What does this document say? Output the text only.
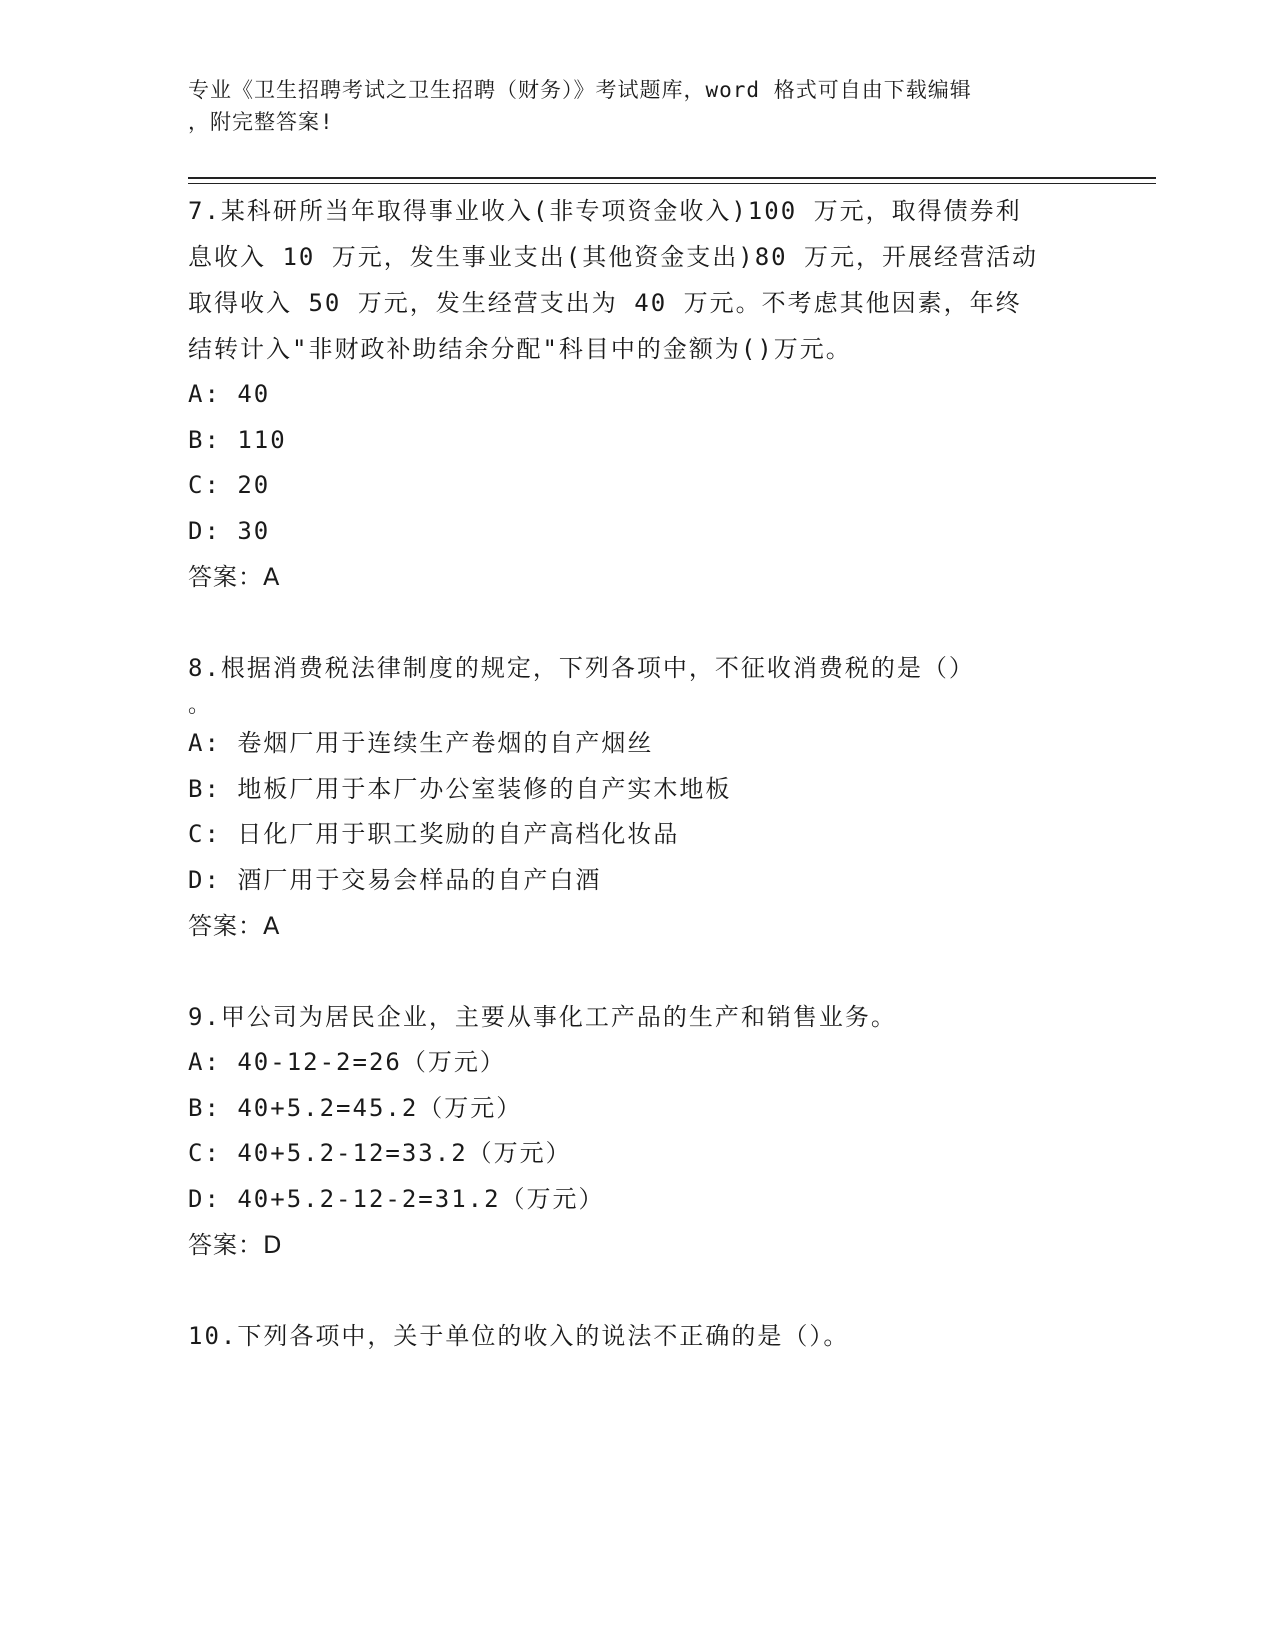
专业《卫生招聘考试之卫生招聘（财务）》考试题库，word 格式可自由下载编辑
，附完整答案!
7.某科研所当年取得事业收入(非专项资金收入)100 万元，取得债券利
息收入 10 万元，发生事业支出(其他资金支出)80 万元，开展经营活动
取得收入 50 万元，发生经营支出为 40 万元。不考虑其他因素，年终
结转计入"非财政补助结余分配"科目中的金额为()万元。
A: 40
B: 110
C: 20
D: 30
答案：A
8.根据消费税法律制度的规定，下列各项中，不征收消费税的是（）
。
A: 卷烟厂用于连续生产卷烟的自产烟丝
B: 地板厂用于本厂办公室装修的自产实木地板
C: 日化厂用于职工奖励的自产高档化妆品
D: 酒厂用于交易会样品的自产白酒
答案：A
9.甲公司为居民企业，主要从事化工产品的生产和销售业务。
A: 40-12-2=26（万元）
B: 40+5.2=45.2（万元）
C: 40+5.2-12=33.2（万元）
D: 40+5.2-12-2=31.2（万元）
答案：D
10.下列各项中，关于单位的收入的说法不正确的是（）。
